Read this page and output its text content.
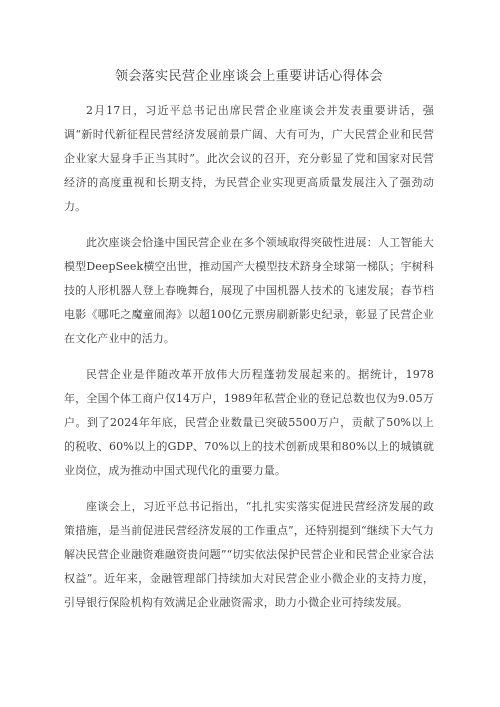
领会落实民营企业座谈会上重要讲话心得体会

2月17日，习近平总书记出席民营企业座谈会并发表重要讲话，强调“新时代新征程民营经济发展前景广阔、大有可为，广大民营企业和民营企业家大显身手正当其时”。此次会议的召开，充分彰显了党和国家对民营经济的高度重视和长期支持，为民营企业实现更高质量发展注入了强劲动力。

此次座谈会恰逢中国民营企业在多个领域取得突破性进展：人工智能大模型DeepSeek横空出世，推动国产大模型技术跻身全球第一梯队；宇树科技的人形机器人登上春晚舞台，展现了中国机器人技术的飞速发展；春节档电影《哪吒之魔童闹海》以超100亿元票房刷新影史纪录，彰显了民营企业在文化产业中的活力。

民营企业是伴随改革开放伟大历程蓬勃发展起来的。据统计，1978年，全国个体工商户仅14万户，1989年私营企业的登记总数也仅为9.05万户。到了2024年年底，民营企业数量已突破5500万户，贡献了50%以上的税收、60%以上的GDP、70%以上的技术创新成果和80%以上的城镇就业岗位，成为推动中国式现代化的重要力量。

座谈会上，习近平总书记指出，“扎扎实实落实促进民营经济发展的政策措施，是当前促进民营经济发展的工作重点”，还特别提到“继续下大气力解决民营企业融资难融资贵问题”“切实依法保护民营企业和民营企业家合法权益”。近年来，金融管理部门持续加大对民营企业小微企业的支持力度，引导银行保险机构有效满足企业融资需求，助力小微企业可持续发展。
